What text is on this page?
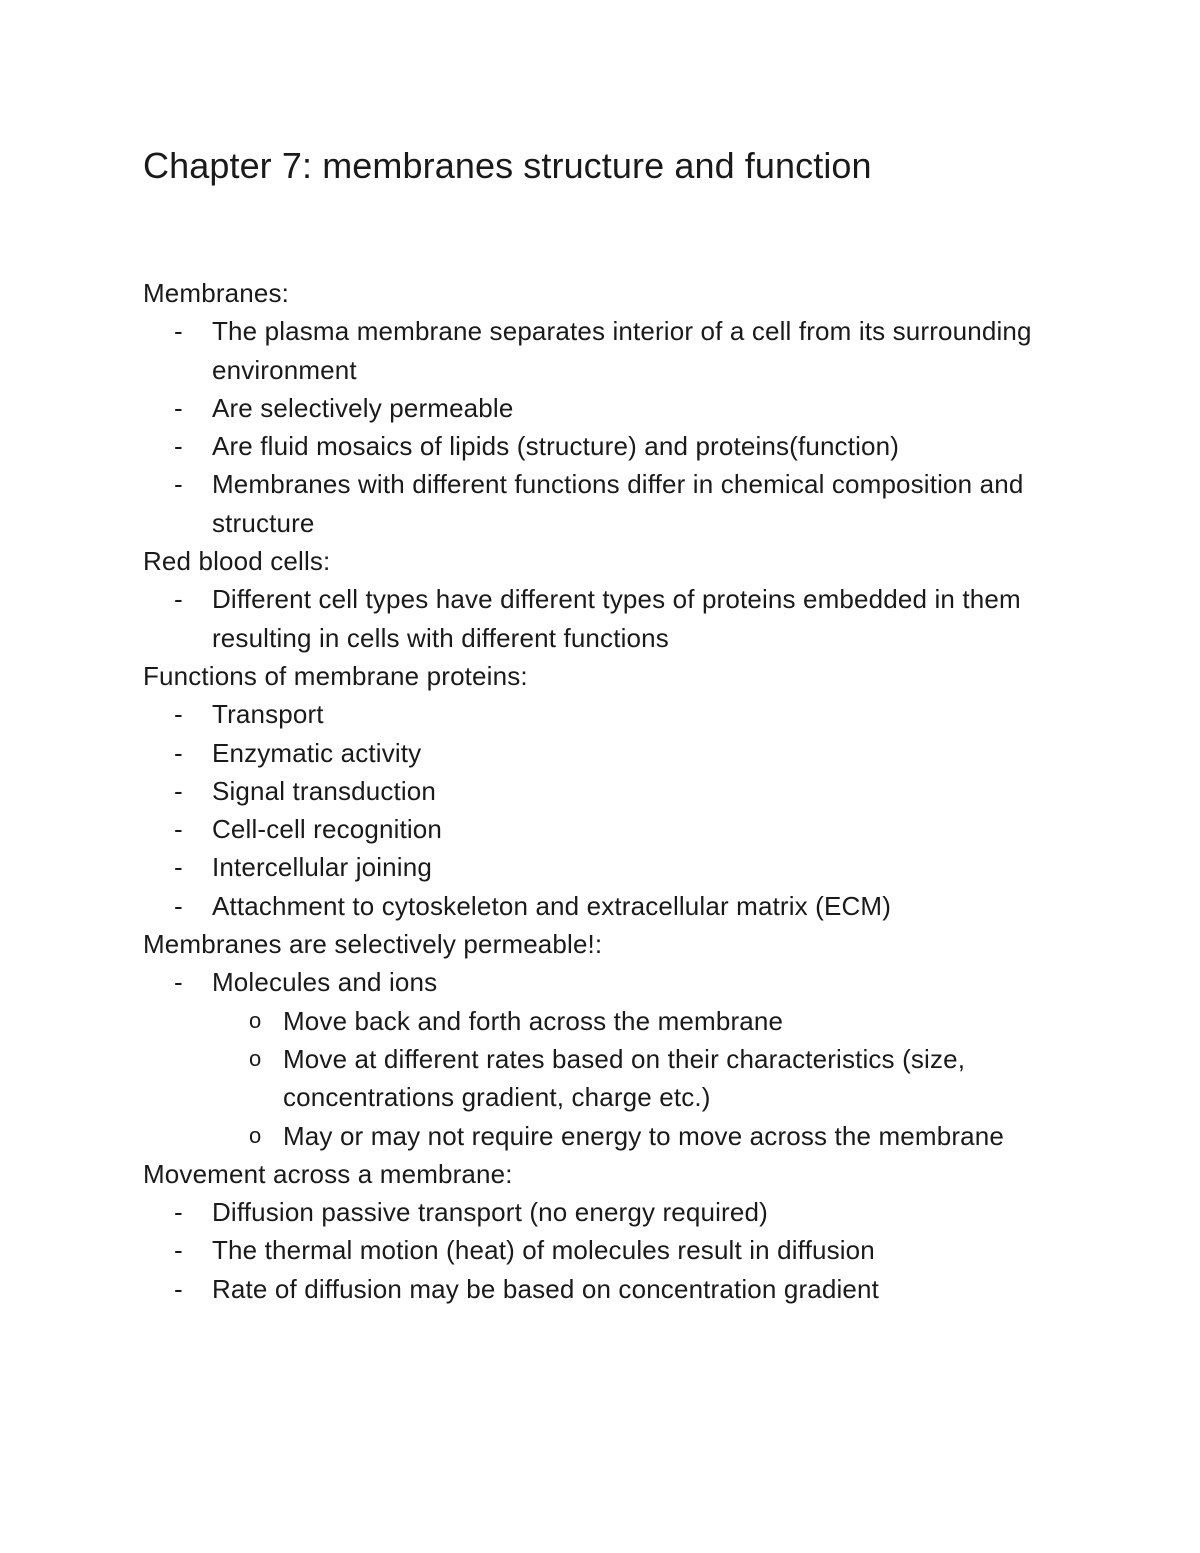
Chapter 7: membranes structure and function

Membranes:

- The plasma membrane separates interior of a cell from its surrounding environment
- Are selectively permeable
- Are fluid mosaics of lipids (structure) and proteins(function)
- Membranes with different functions differ in chemical composition and structure

Red blood cells:

- Different cell types have different types of proteins embedded in them resulting in cells with different functions

Functions of membrane proteins:

- Transport
- Enzymatic activity
- Signal transduction
- Cell-cell recognition
- Intercellular joining
- Attachment to cytoskeleton and extracellular matrix (ECM)

Membranes are selectively permeable!:

- Molecules and ions
o Move back and forth across the membrane
o Move at different rates based on their characteristics (size, concentrations gradient, charge etc.)
o May or may not require energy to move across the membrane

Movement across a membrane:

- Diffusion passive transport (no energy required)
- The thermal motion (heat) of molecules result in diffusion
- Rate of diffusion may be based on concentration gradient
